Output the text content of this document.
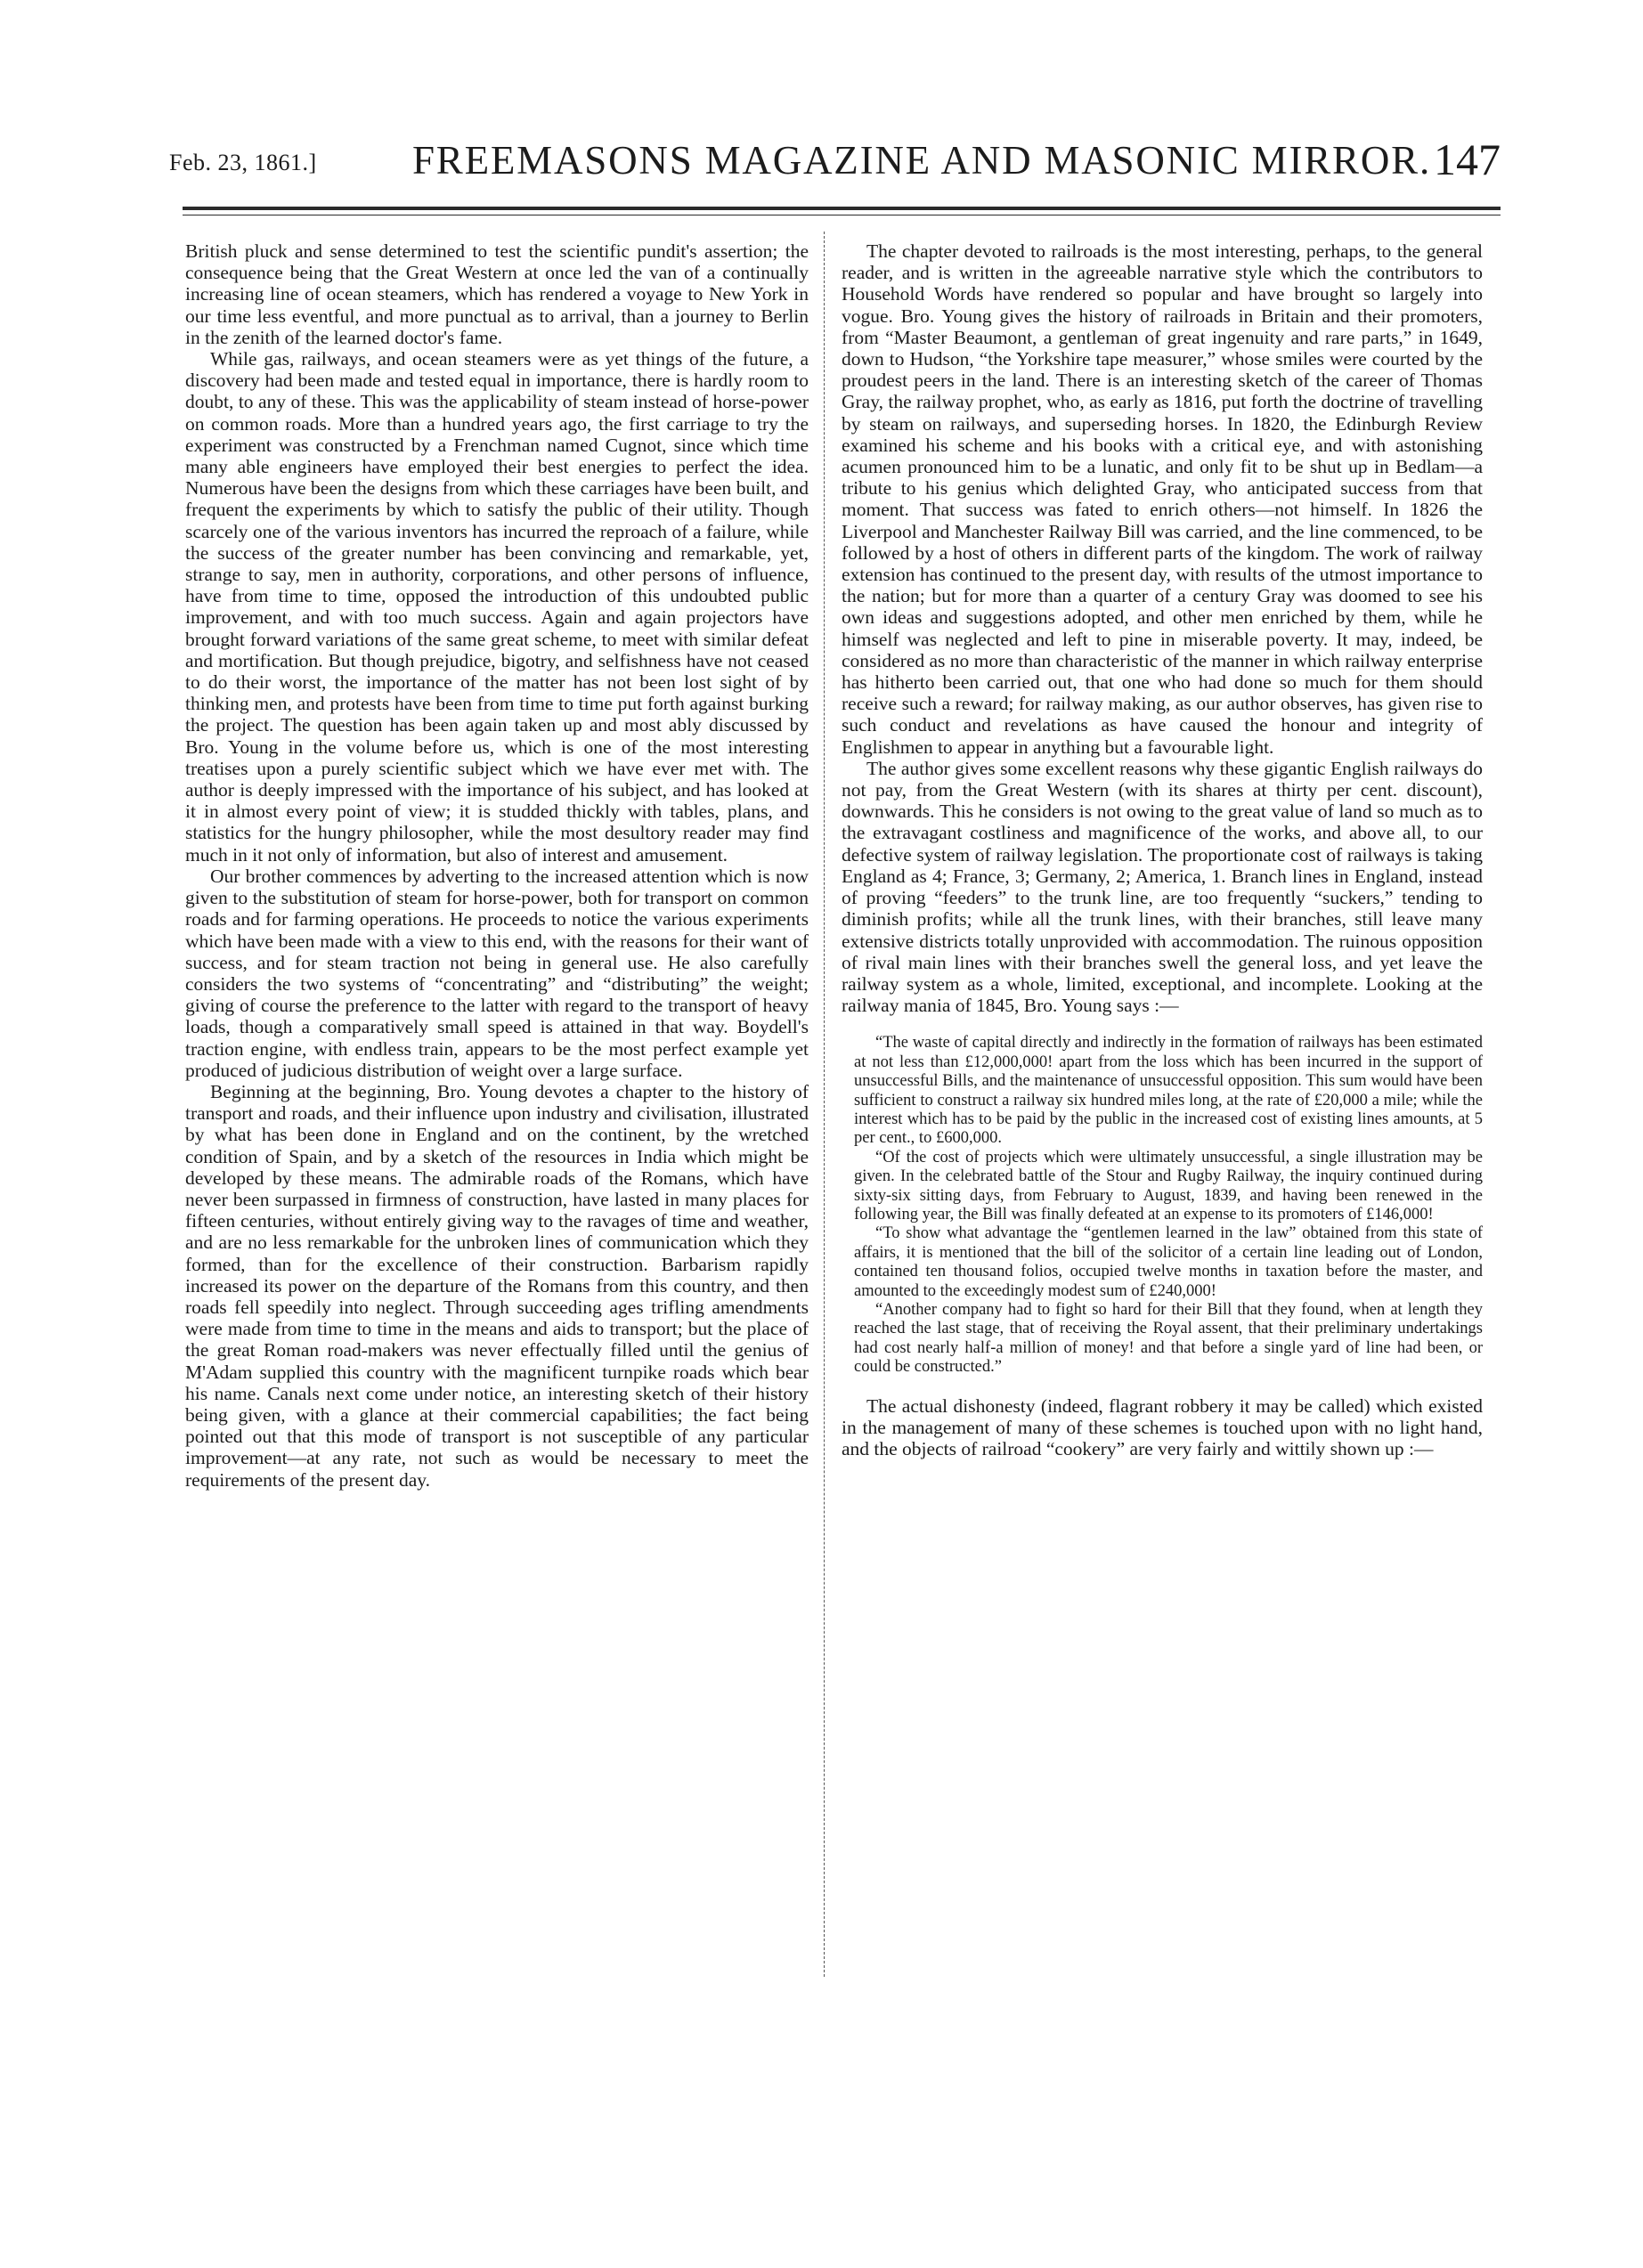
Feb. 23, 1861.] FREEMASONS MAGAZINE AND MASONIC MIRROR. 147

British pluck and sense determined to test the scientific pundit's assertion; the consequence being that the Great Western at once led the van of a continually increasing line of ocean steamers, which has rendered a voyage to New York in our time less eventful, and more punctual as to arrival, than a journey to Berlin in the zenith of the learned doctor's fame.

While gas, railways, and ocean steamers were as yet things of the future, a discovery had been made and tested equal in importance, there is hardly room to doubt, to any of these. This was the applicability of steam instead of horse-power on common roads. More than a hundred years ago, the first carriage to try the experiment was constructed by a Frenchman named Cugnot, since which time many able engineers have employed their best energies to perfect the idea. Numerous have been the designs from which these carriages have been built, and frequent the experiments by which to satisfy the public of their utility. Though scarcely one of the various inventors has incurred the reproach of a failure, while the success of the greater number has been convincing and remarkable, yet, strange to say, men in authority, corporations, and other persons of influence, have from time to time, opposed the introduction of this undoubted public improvement, and with too much success. Again and again projectors have brought forward variations of the same great scheme, to meet with similar defeat and mortification. But though prejudice, bigotry, and selfishness have not ceased to do their worst, the importance of the matter has not been lost sight of by thinking men, and protests have been from time to time put forth against burking the project. The question has been again taken up and most ably discussed by Bro. Young in the volume before us, which is one of the most interesting treatises upon a purely scientific subject which we have ever met with. The author is deeply impressed with the importance of his subject, and has looked at it in almost every point of view; it is studded thickly with tables, plans, and statistics for the hungry philosopher, while the most desultory reader may find much in it not only of information, but also of interest and amusement.

Our brother commences by adverting to the increased attention which is now given to the substitution of steam for horse-power, both for transport on common roads and for farming operations. He proceeds to notice the various experiments which have been made with a view to this end, with the reasons for their want of success, and for steam traction not being in general use. He also carefully considers the two systems of “concentrating” and “distributing” the weight; giving of course the preference to the latter with regard to the transport of heavy loads, though a comparatively small speed is attained in that way. Boydell's traction engine, with endless train, appears to be the most perfect example yet produced of judicious distribution of weight over a large surface.

Beginning at the beginning, Bro. Young devotes a chapter to the history of transport and roads, and their influence upon industry and civilisation, illustrated by what has been done in England and on the continent, by the wretched condition of Spain, and by a sketch of the resources in India which might be developed by these means. The admirable roads of the Romans, which have never been surpassed in firmness of construction, have lasted in many places for fifteen centuries, without entirely giving way to the ravages of time and weather, and are no less remarkable for the unbroken lines of communication which they formed, than for the excellence of their construction. Barbarism rapidly increased its power on the departure of the Romans from this country, and then roads fell speedily into neglect. Through succeeding ages trifling amendments were made from time to time in the means and aids to transport; but the place of the great Roman road-makers was never effectually filled until the genius of M'Adam supplied this country with the magnificent turnpike roads which bear his name. Canals next come under notice, an interesting sketch of their history being given, with a glance at their commercial capabilities; the fact being pointed out that this mode of transport is not susceptible of any particular improvement—at any rate, not such as would be necessary to meet the requirements of the present day.

The chapter devoted to railroads is the most interesting, perhaps, to the general reader, and is written in the agreeable narrative style which the contributors to Household Words have rendered so popular and have brought so largely into vogue. Bro. Young gives the history of railroads in Britain and their promoters, from “Master Beaumont, a gentleman of great ingenuity and rare parts,” in 1649, down to Hudson, “the Yorkshire tape measurer,” whose smiles were courted by the proudest peers in the land. There is an interesting sketch of the career of Thomas Gray, the railway prophet, who, as early as 1816, put forth the doctrine of travelling by steam on railways, and superseding horses. In 1820, the Edinburgh Review examined his scheme and his books with a critical eye, and with astonishing acumen pronounced him to be a lunatic, and only fit to be shut up in Bedlam—a tribute to his genius which delighted Gray, who anticipated success from that moment. That success was fated to enrich others—not himself. In 1826 the Liverpool and Manchester Railway Bill was carried, and the line commenced, to be followed by a host of others in different parts of the kingdom. The work of railway extension has continued to the present day, with results of the utmost importance to the nation; but for more than a quarter of a century Gray was doomed to see his own ideas and suggestions adopted, and other men enriched by them, while he himself was neglected and left to pine in miserable poverty. It may, indeed, be considered as no more than characteristic of the manner in which railway enterprise has hitherto been carried out, that one who had done so much for them should receive such a reward; for railway making, as our author observes, has given rise to such conduct and revelations as have caused the honour and integrity of Englishmen to appear in anything but a favourable light.

The author gives some excellent reasons why these gigantic English railways do not pay, from the Great Western (with its shares at thirty per cent. discount), downwards. This he considers is not owing to the great value of land so much as to the extravagant costliness and magnificence of the works, and above all, to our defective system of railway legislation. The proportionate cost of railways is taking England as 4; France, 3; Germany, 2; America, 1. Branch lines in England, instead of proving “feeders” to the trunk line, are too frequently “suckers,” tending to diminish profits; while all the trunk lines, with their branches, still leave many extensive districts totally unprovided with accommodation. The ruinous opposition of rival main lines with their branches swell the general loss, and yet leave the railway system as a whole, limited, exceptional, and incomplete. Looking at the railway mania of 1845, Bro. Young says :—

“The waste of capital directly and indirectly in the formation of railways has been estimated at not less than £12,000,000! apart from the loss which has been incurred in the support of unsuccessful Bills, and the maintenance of unsuccessful opposition. This sum would have been sufficient to construct a railway six hundred miles long, at the rate of £20,000 a mile; while the interest which has to be paid by the public in the increased cost of existing lines amounts, at 5 per cent., to £600,000.

“Of the cost of projects which were ultimately unsuccessful, a single illustration may be given. In the celebrated battle of the Stour and Rugby Railway, the inquiry continued during sixty-six sitting days, from February to August, 1839, and having been renewed in the following year, the Bill was finally defeated at an expense to its promoters of £146,000!

“To show what advantage the “gentlemen learned in the law” obtained from this state of affairs, it is mentioned that the bill of the solicitor of a certain line leading out of London, contained ten thousand folios, occupied twelve months in taxation before the master, and amounted to the exceedingly modest sum of £240,000!

“Another company had to fight so hard for their Bill that they found, when at length they reached the last stage, that of receiving the Royal assent, that their preliminary undertakings had cost nearly half-a million of money! and that before a single yard of line had been, or could be constructed.”

The actual dishonesty (indeed, flagrant robbery it may be called) which existed in the management of many of these schemes is touched upon with no light hand, and the objects of railroad “cookery” are very fairly and wittily shown up :—
